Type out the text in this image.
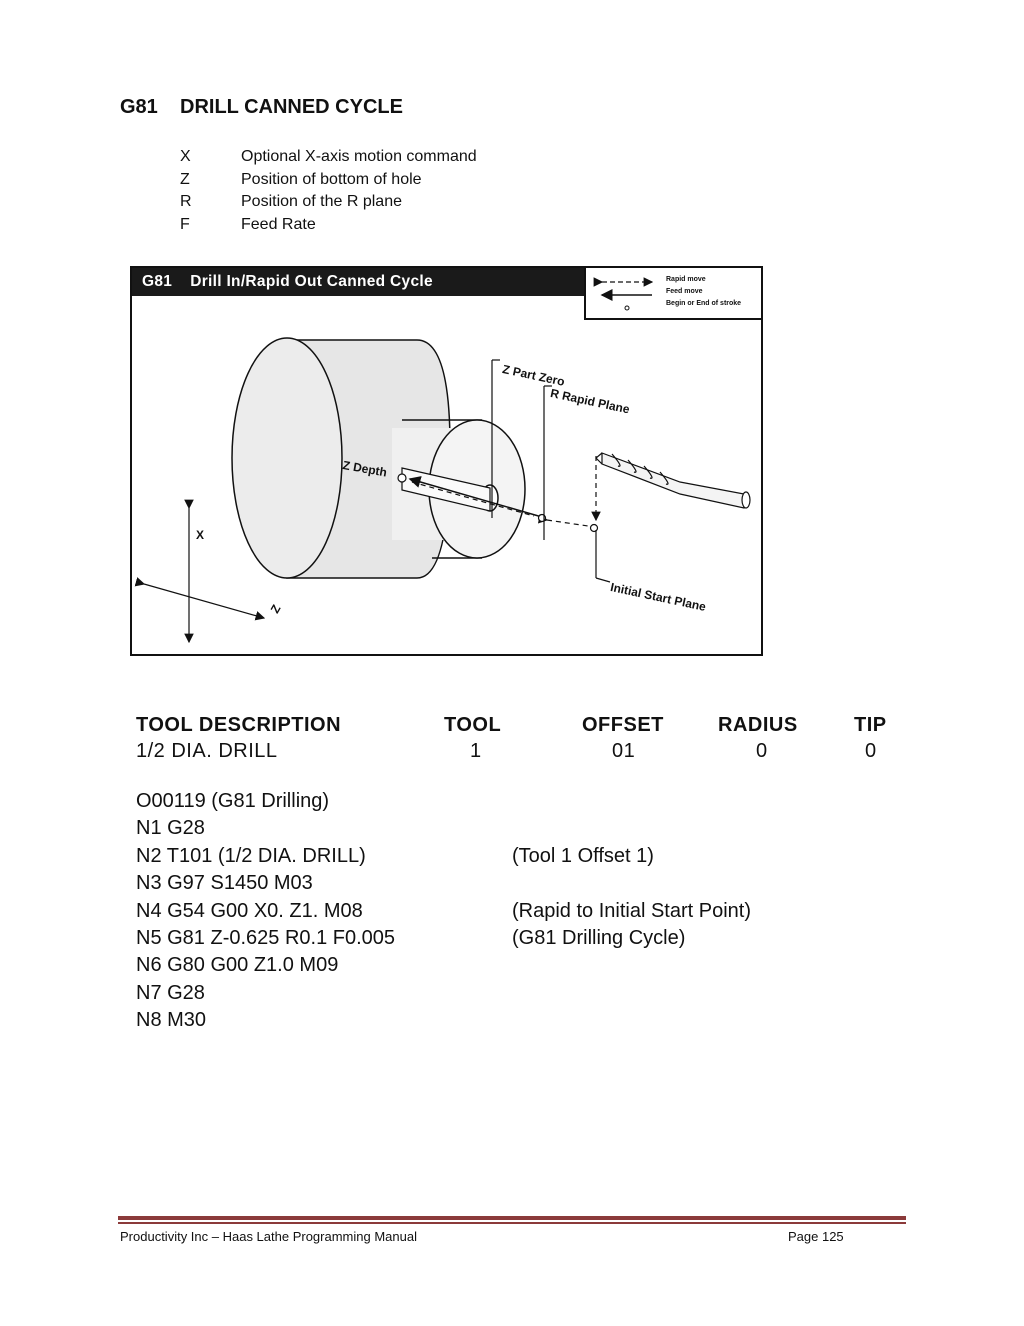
G81 DRILL CANNED CYCLE
X	Optional X-axis motion command
Z	Position of bottom of hole
R	Position of the R plane
F	Feed Rate
G81 Drill In/Rapid Out Canned Cycle	Rapid move
Feed move
Begin or End of stroke
Z Part Zero
R Rapid Plane
Z Depth
Initial Start Plane
X
Z
TOOL DESCRIPTION	TOOL	OFFSET	RADIUS	TIP
1/2 DIA. DRILL	1	01	0	0
O00119 (G81 Drilling)
N1 G28
N2 T101 (1/2 DIA. DRILL)	(Tool 1 Offset 1)
N3 G97 S1450 M03
N4 G54 G00 X0. Z1. M08	(Rapid to Initial Start Point)
N5 G81 Z-0.625 R0.1 F0.005	(G81 Drilling Cycle)
N6 G80 G00 Z1.0 M09
N7 G28
N8 M30
Productivity Inc – Haas Lathe Programming Manual	Page 125
